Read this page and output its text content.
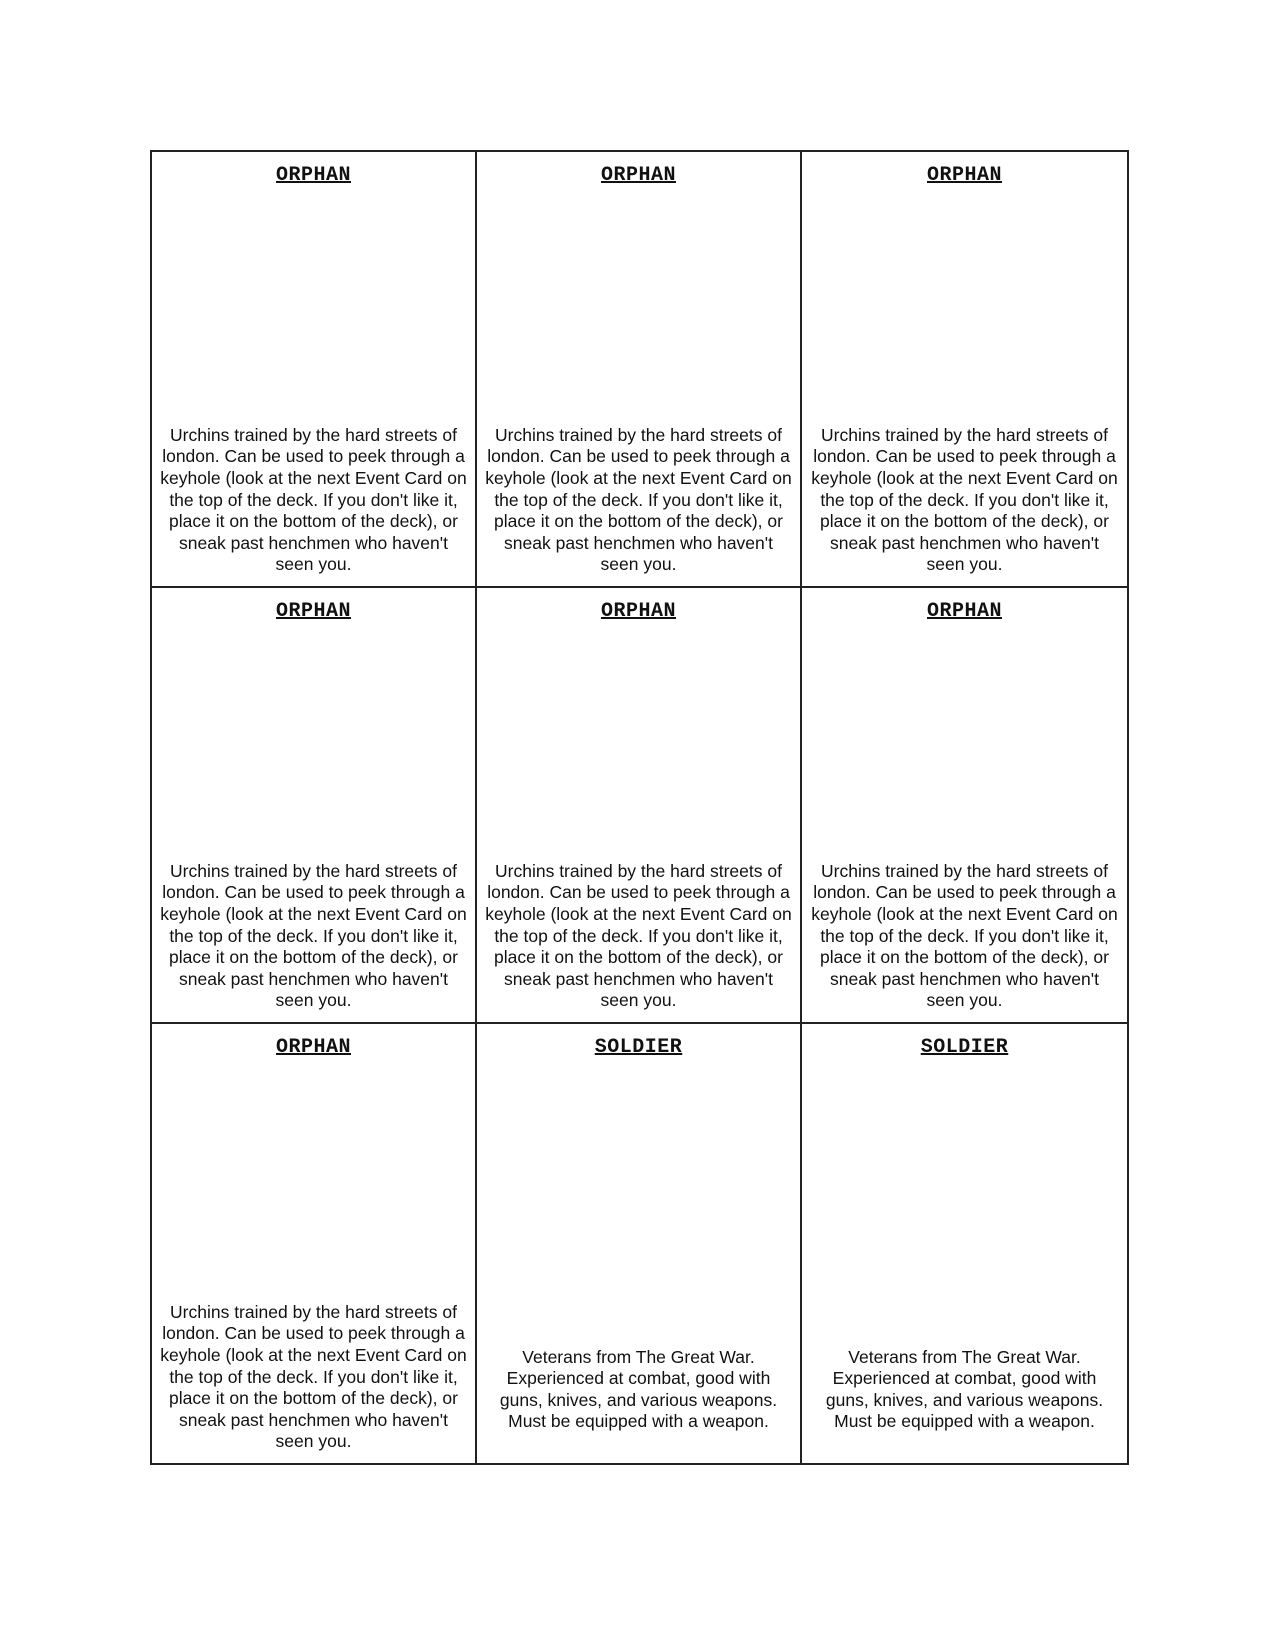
ORPHAN
Urchins trained by the hard streets of london. Can be used to peek through a keyhole (look at the next Event Card on the top of the deck. If you don't like it, place it on the bottom of the deck), or sneak past henchmen who haven't seen you.
ORPHAN
Urchins trained by the hard streets of london. Can be used to peek through a keyhole (look at the next Event Card on the top of the deck. If you don't like it, place it on the bottom of the deck), or sneak past henchmen who haven't seen you.
ORPHAN
Urchins trained by the hard streets of london. Can be used to peek through a keyhole (look at the next Event Card on the top of the deck. If you don't like it, place it on the bottom of the deck), or sneak past henchmen who haven't seen you.
ORPHAN
Urchins trained by the hard streets of london. Can be used to peek through a keyhole (look at the next Event Card on the top of the deck. If you don't like it, place it on the bottom of the deck), or sneak past henchmen who haven't seen you.
ORPHAN
Urchins trained by the hard streets of london. Can be used to peek through a keyhole (look at the next Event Card on the top of the deck. If you don't like it, place it on the bottom of the deck), or sneak past henchmen who haven't seen you.
ORPHAN
Urchins trained by the hard streets of london. Can be used to peek through a keyhole (look at the next Event Card on the top of the deck. If you don't like it, place it on the bottom of the deck), or sneak past henchmen who haven't seen you.
ORPHAN
Urchins trained by the hard streets of london. Can be used to peek through a keyhole (look at the next Event Card on the top of the deck. If you don't like it, place it on the bottom of the deck), or sneak past henchmen who haven't seen you.
SOLDIER
Veterans from The Great War. Experienced at combat, good with guns, knives, and various weapons. Must be equipped with a weapon.
SOLDIER
Veterans from The Great War. Experienced at combat, good with guns, knives, and various weapons. Must be equipped with a weapon.
